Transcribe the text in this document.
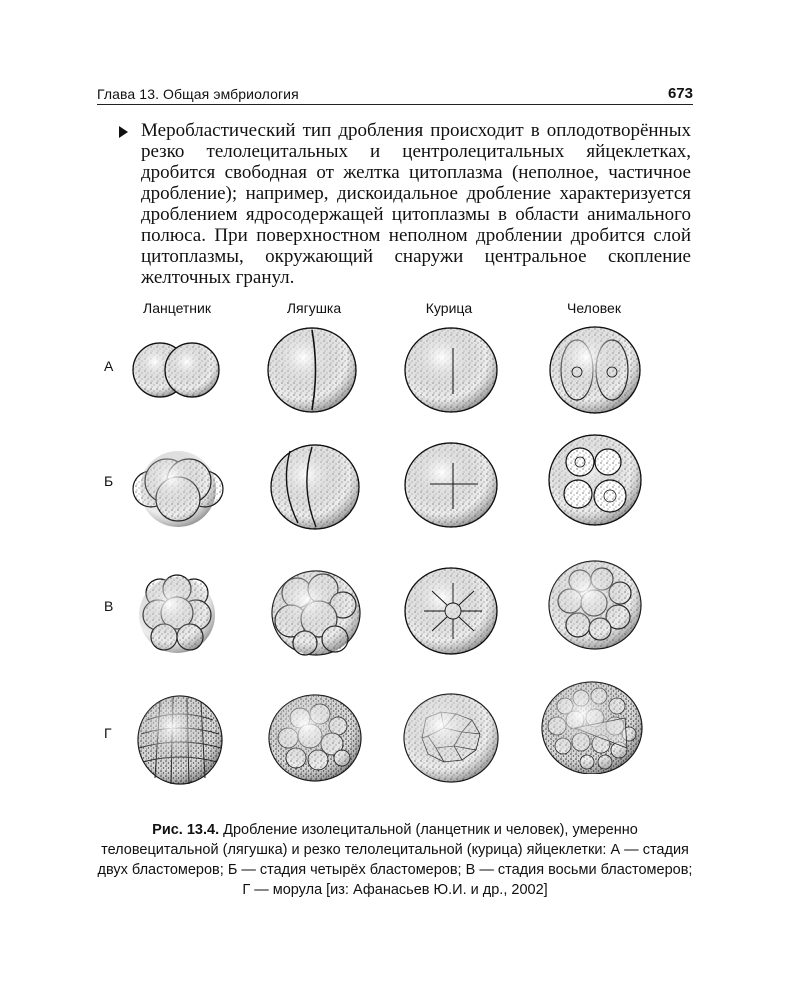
Глава 13. Общая эмбриология	673
Меробластический тип дробления происходит в оплодотворённых резко телолецитальных и центролецитальных яйцеклетках, дробится свободная от желтка цитоплазма (неполное, частичное дробление); например, дискоидальное дробление характеризуется дроблением ядросодержащей цитоплазмы в области анимального полюса. При поверхностном неполном дроблении дробится слой цитоплазмы, окружающий снаружи центральное скопление желточных гранул.
Ланцетник	Лягушка	Курица	Человек
А
Б
В
Г
Рис. 13.4. Дробление изолецитальной (ланцетник и человек), умеренно теловецитальной (лягушка) и резко телолецитальной (курица) яйцеклетки: А — стадия двух бластомеров; Б — стадия четырёх бластомеров; В — стадия восьми бластомеров; Г — морула [из: Афанасьев Ю.И. и др., 2002]
